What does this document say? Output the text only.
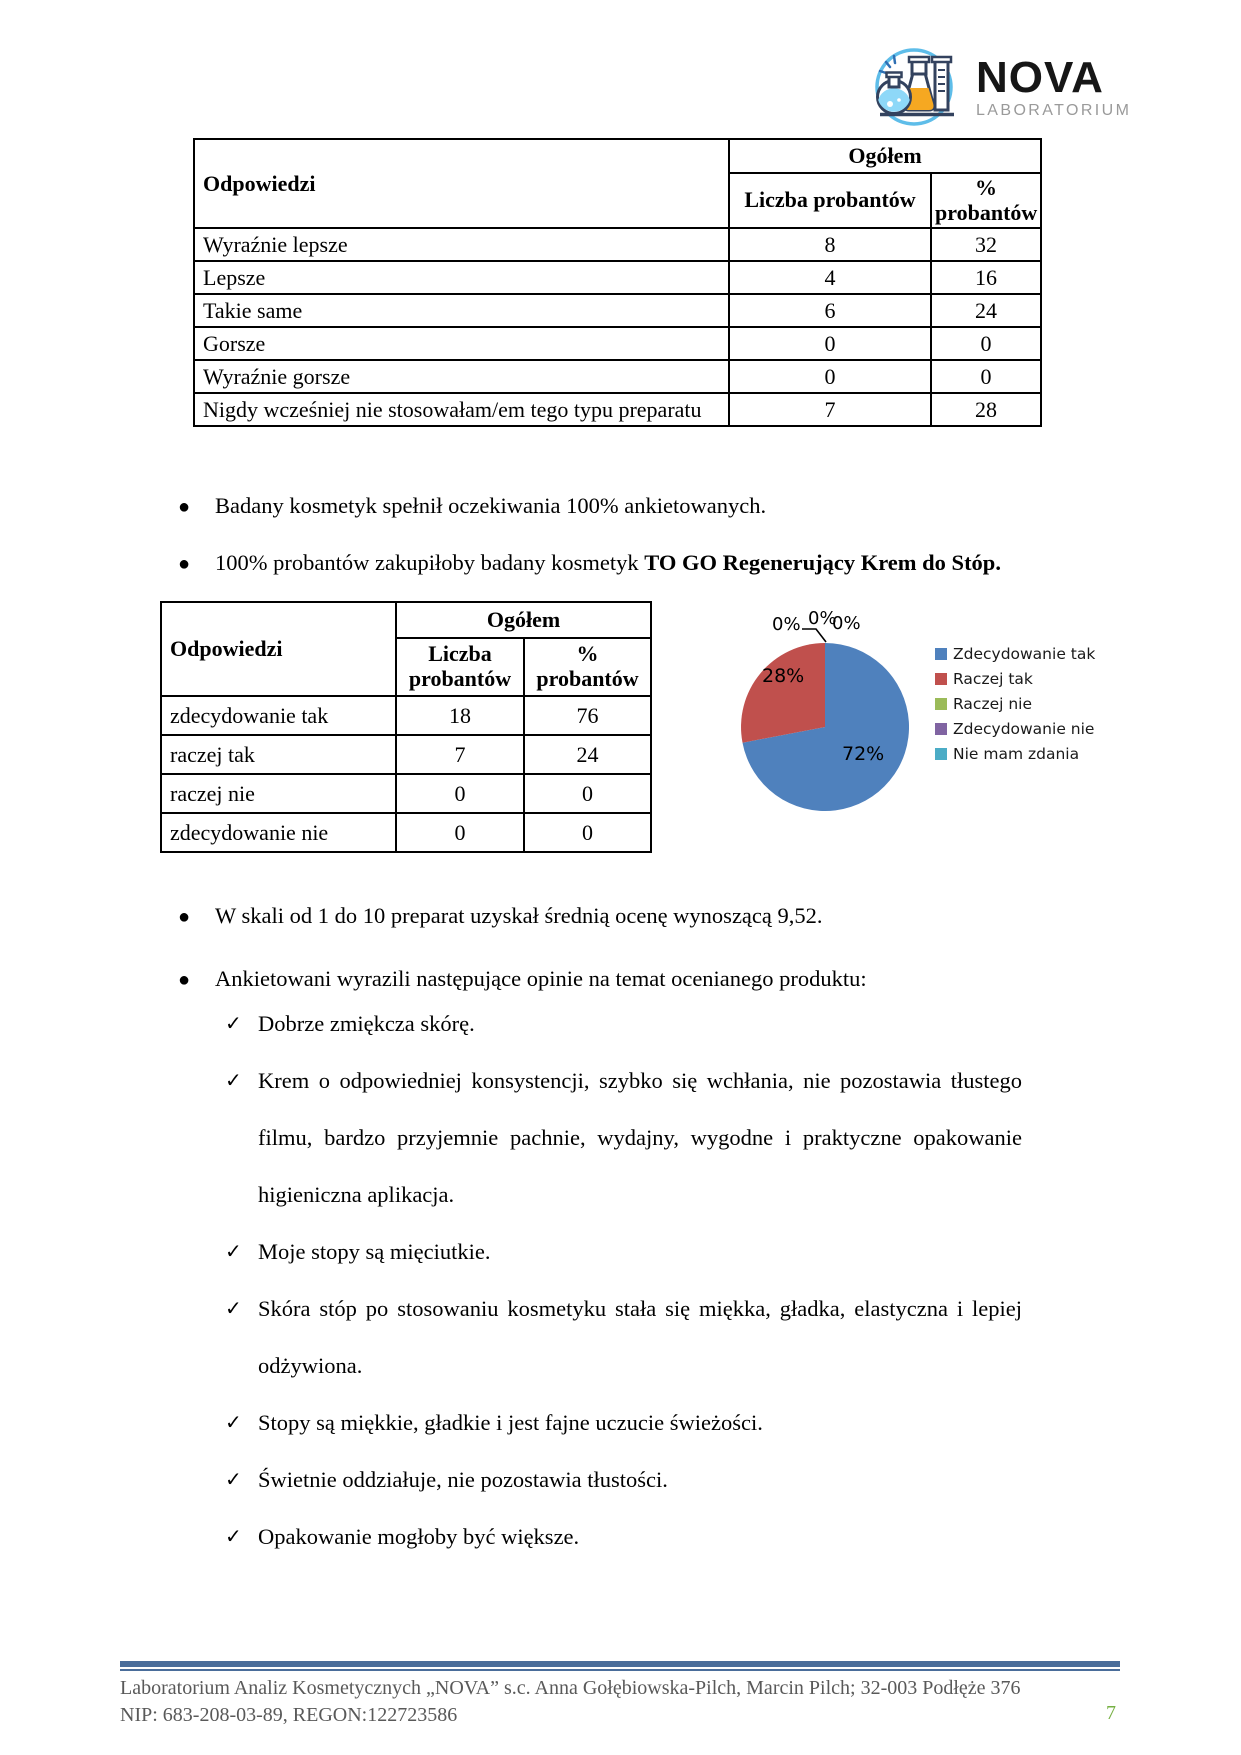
NOVA
LABORATORIUM
Odpowiedzi	Ogółem	
	Liczba probantów	% probantów
Wyraźnie lepsze	8	32
Lepsze	4	16
Takie same	6	24
Gorsze	0	0
Wyraźnie gorsze	0	0
Nigdy wcześniej nie stosowałam/em tego typu preparatu	7	28
● Badany kosmetyk spełnił oczekiwania 100% ankietowanych.
● 100% probantów zakupiłoby badany kosmetyk TO GO Regenerujący Krem do Stóp.
Odpowiedzi	Ogółem	
	Liczba probantów	% probantów
zdecydowanie tak	18	76
raczej tak	7	24
raczej nie	0	0
zdecydowanie nie	0	0
0% 0%
0%
28%
72%
Zdecydowanie tak
Raczej tak
Raczej nie
Zdecydowanie nie
Nie mam zdania
● W skali od 1 do 10 preparat uzyskał średnią ocenę wynoszącą 9,52.
● Ankietowani wyrazili następujące opinie na temat ocenianego produktu:
✓ Dobrze zmiękcza skórę.
✓ Krem o odpowiedniej konsystencji, szybko się wchłania, nie pozostawia tłustego filmu, bardzo przyjemnie pachnie, wydajny, wygodne i praktyczne opakowanie higieniczna aplikacja.
✓ Moje stopy są mięciutkie.
✓ Skóra stóp po stosowaniu kosmetyku stała się miękka, gładka, elastyczna i lepiej odżywiona.
✓ Stopy są miękkie, gładkie i jest fajne uczucie świeżości.
✓ Świetnie oddziałuje, nie pozostawia tłustości.
✓ Opakowanie mogłoby być większe.
Laboratorium Analiz Kosmetycznych „NOVA” s.c. Anna Gołębiowska-Pilch, Marcin Pilch; 32-003 Podłęże 376
NIP: 683-208-03-89, REGON:122723586	7
